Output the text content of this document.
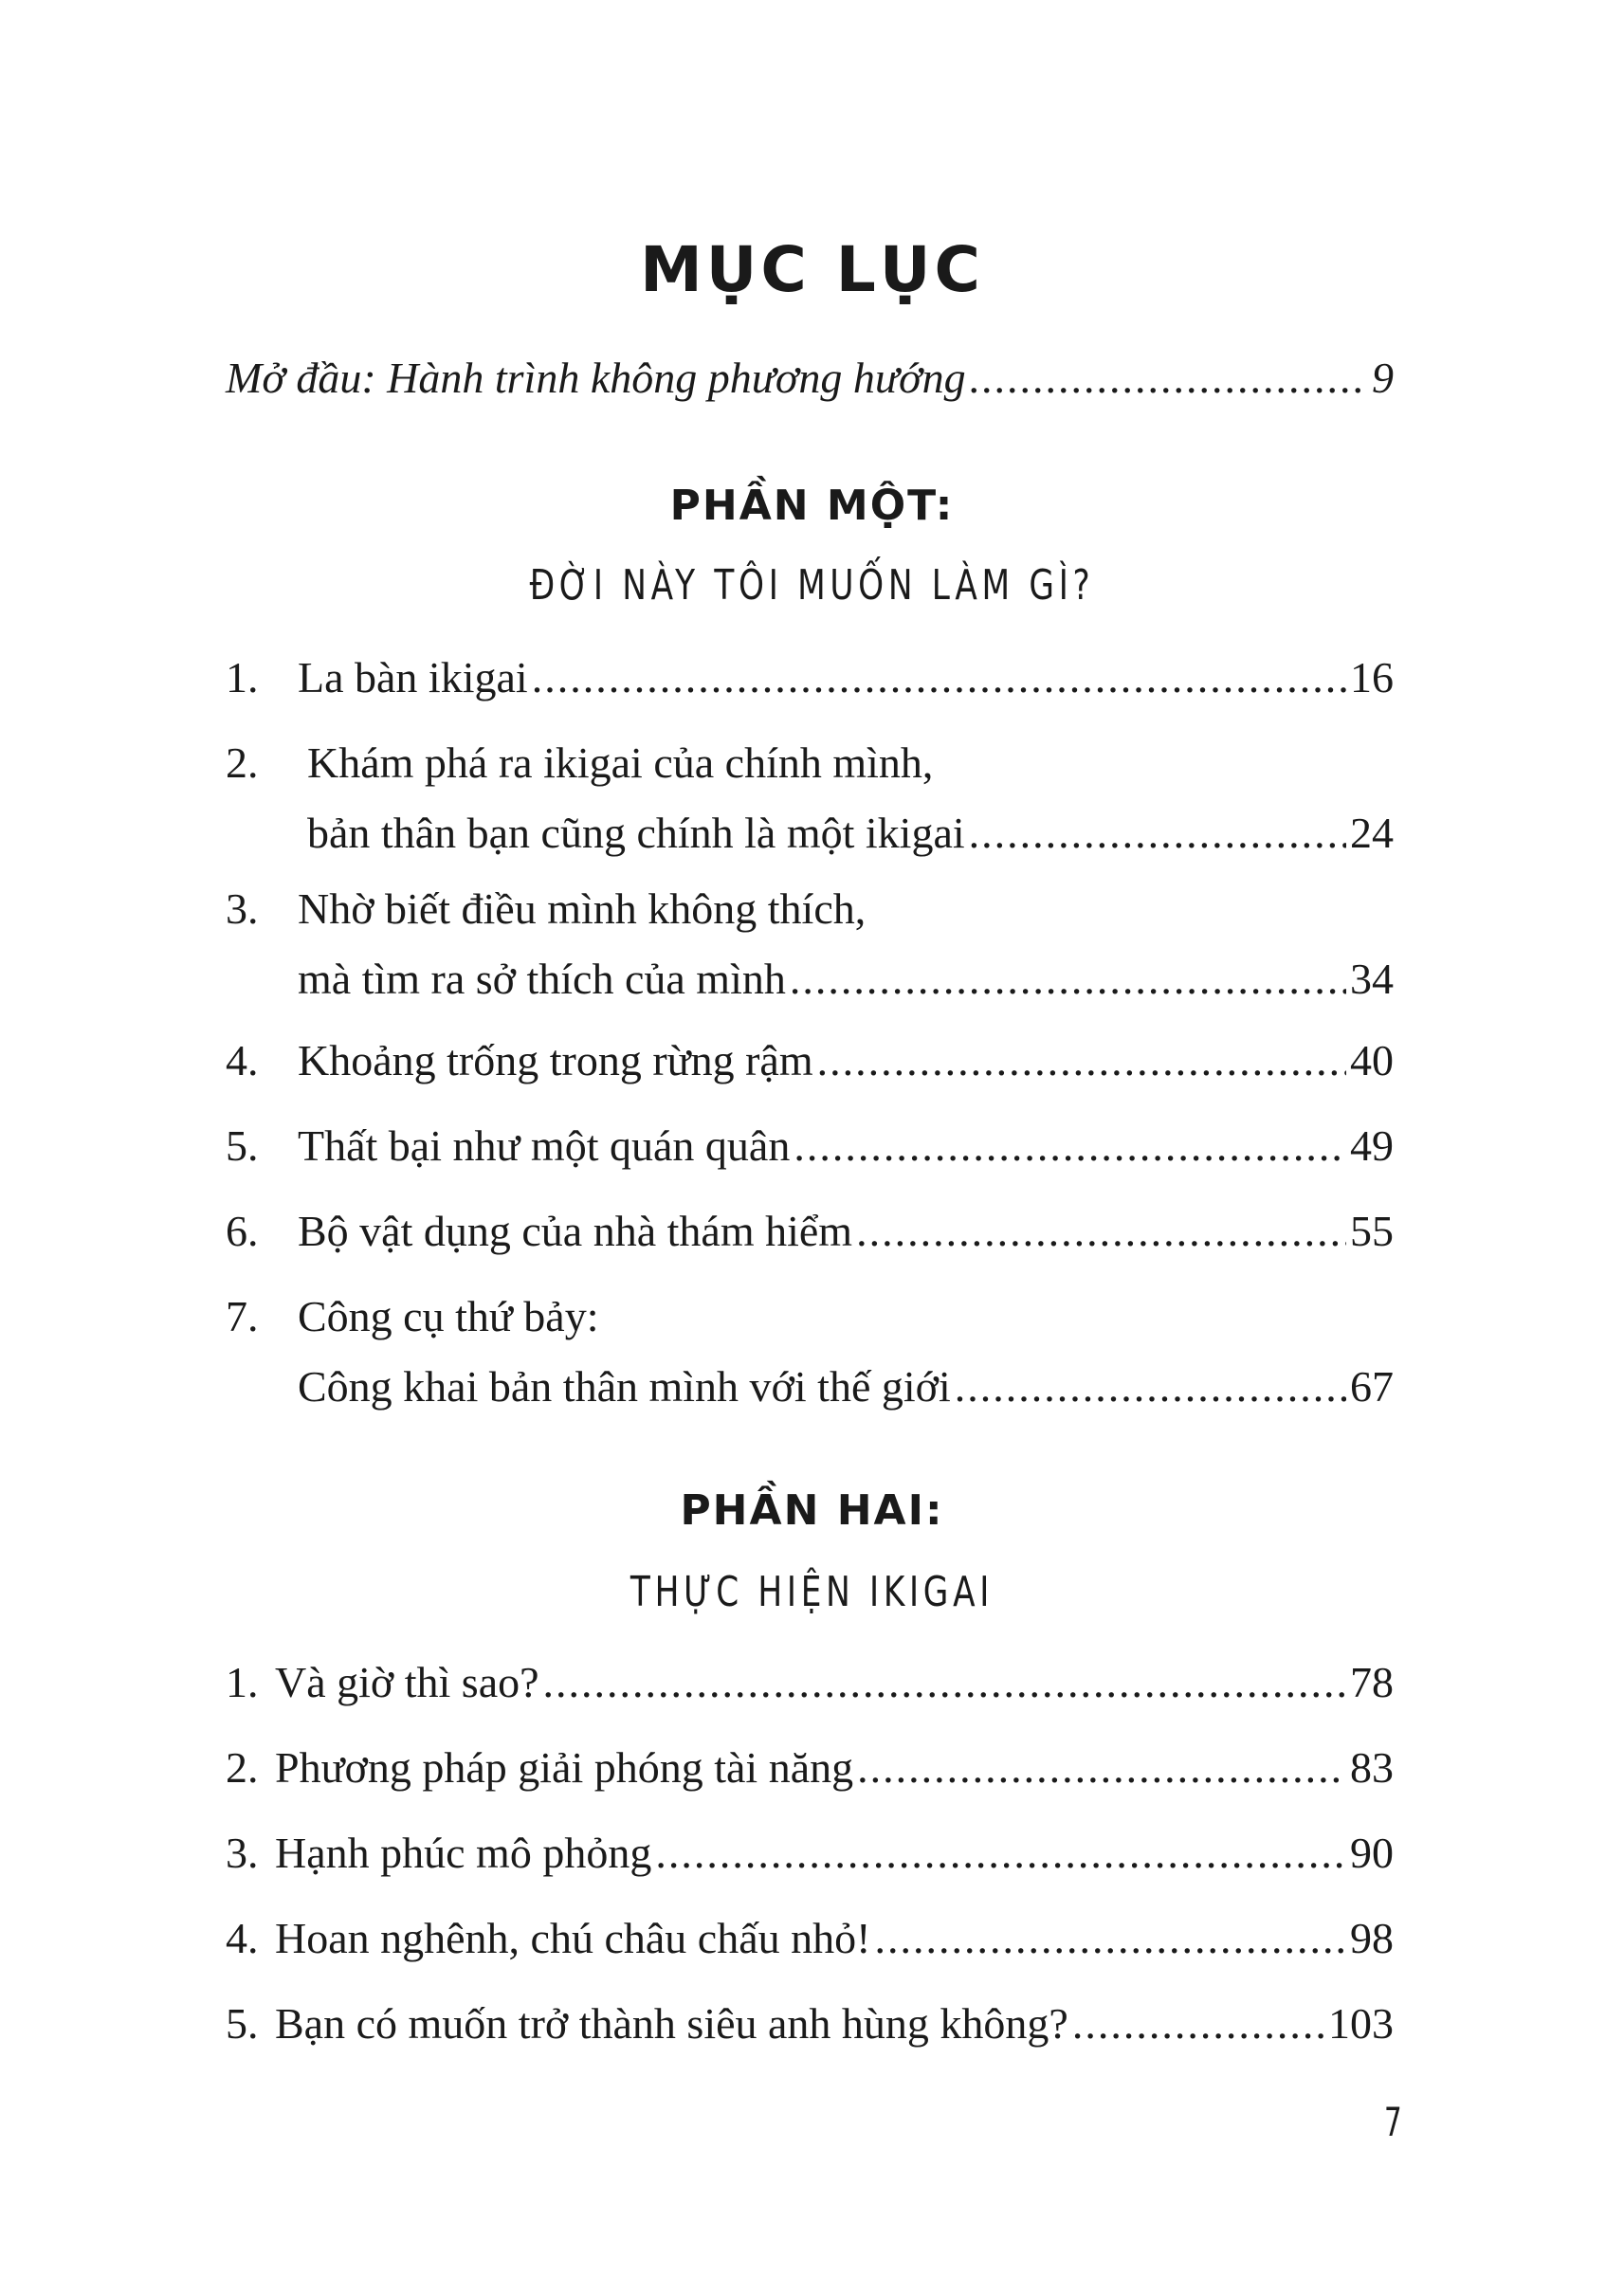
MỤC LỤC
Mở đầu: Hành trình không phương hướng .....	9
PHẦN MỘT:
ĐỜI NÀY TÔI MUỐN LÀM GÌ?
1. La bàn ikigai .....	16
2.	Khám phá ra ikigai của chính mình,
bản thân bạn cũng chính là một ikigai .....	24
3. Nhờ biết điều mình không thích,
mà tìm ra sở thích của mình .....	34
4. Khoảng trống trong rừng rậm .....	40
5. Thất bại như một quán quân .....	49
6. Bộ vật dụng của nhà thám hiểm .....	55
7. Công cụ thứ bảy:
Công khai bản thân mình với thế giới .....	67
PHẦN HAI:
THỰC HIỆN IKIGAI
1. Và giờ thì sao? .....	78
2. Phương pháp giải phóng tài năng .....	83
3. Hạnh phúc mô phỏng .....	90
4. Hoan nghênh, chú châu chấu nhỏ! .....	98
5. Bạn có muốn trở thành siêu anh hùng không? .....	103
7
